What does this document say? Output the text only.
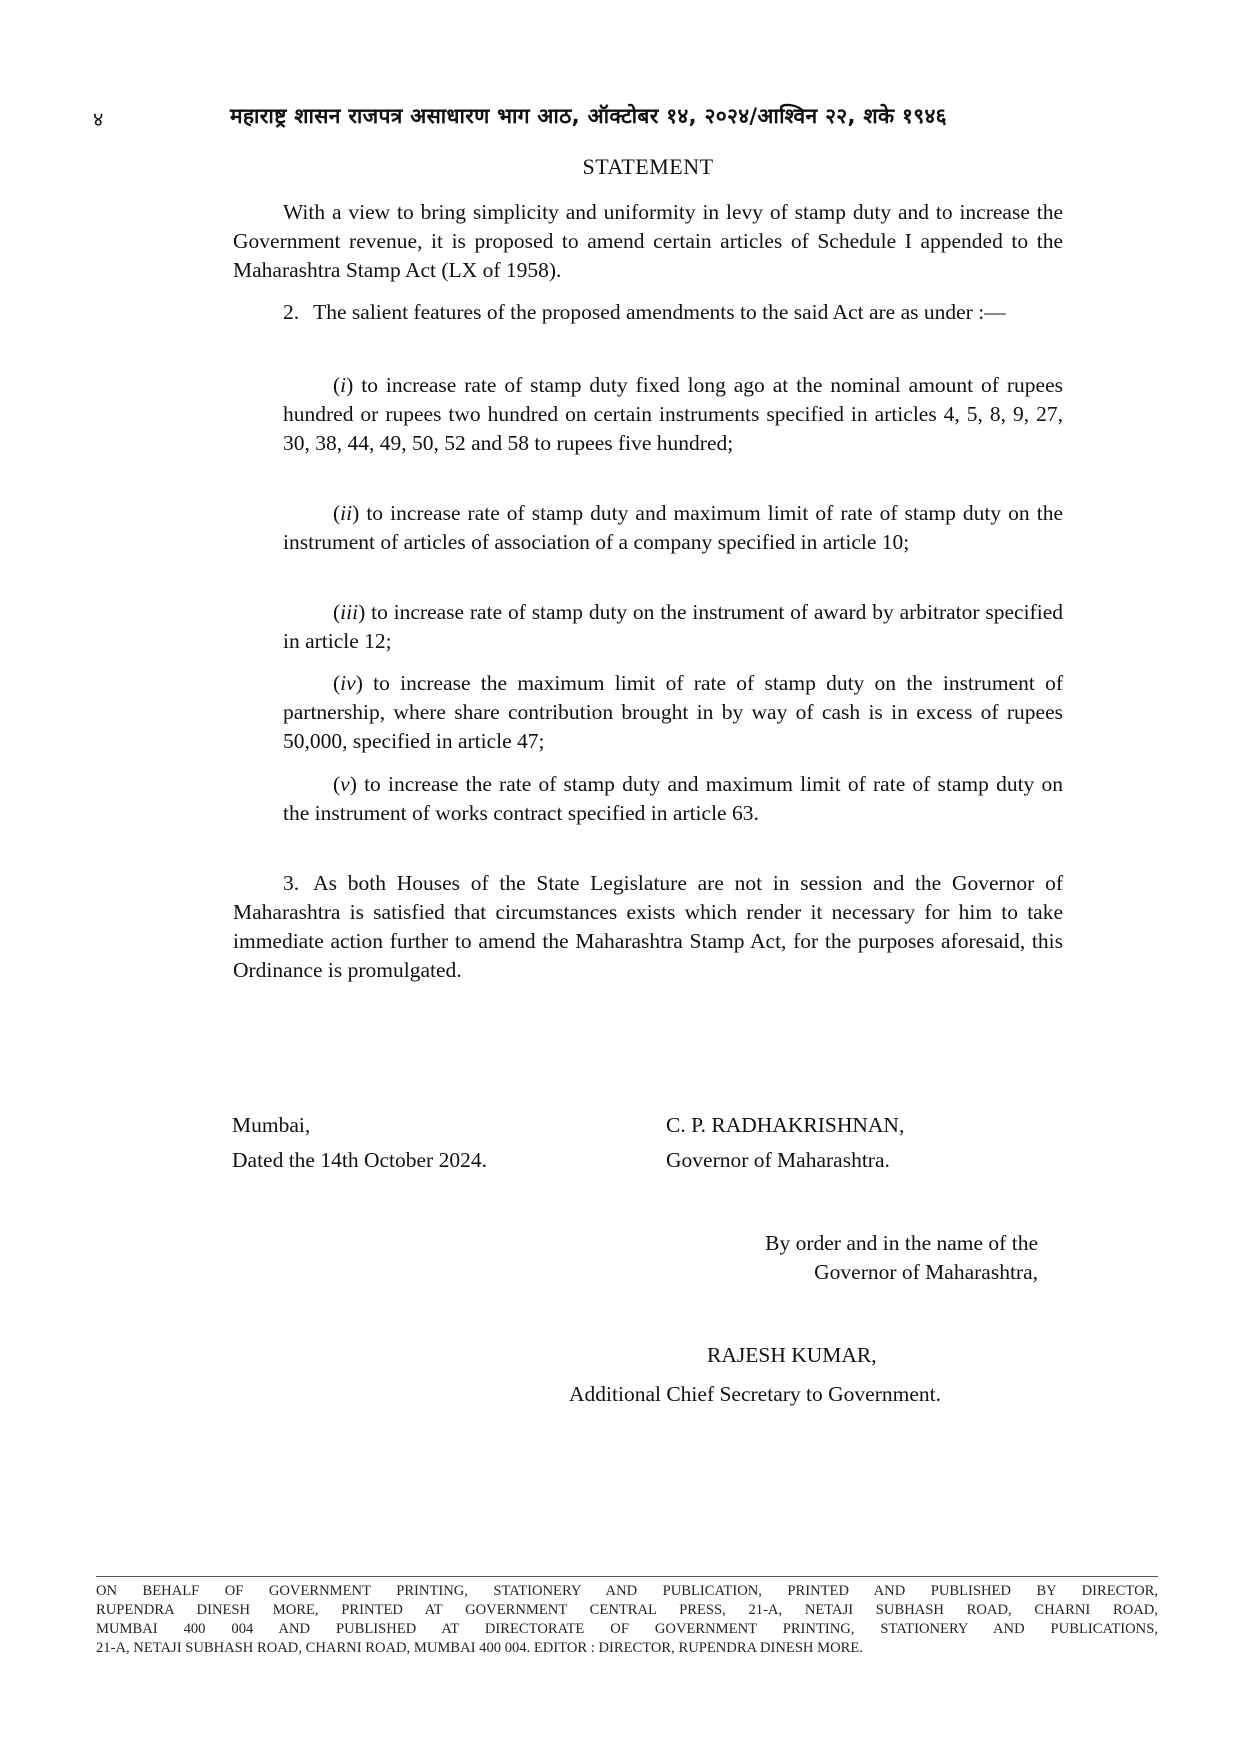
४	महाराष्ट्र शासन राजपत्र असाधारण भाग आठ, ऑक्टोबर १४, २०२४/आश्विन २२, शके १९४६
STATEMENT
With a view to bring simplicity and uniformity in levy of stamp duty and to increase the Government revenue, it is proposed to amend certain articles of Schedule I appended to the Maharashtra Stamp Act (LX of 1958).
2. The salient features of the proposed amendments to the said Act are as under :—
(i) to increase rate of stamp duty fixed long ago at the nominal amount of rupees hundred or rupees two hundred on certain instruments specified in articles 4, 5, 8, 9, 27, 30, 38, 44, 49, 50, 52 and 58 to rupees five hundred;
(ii) to increase rate of stamp duty and maximum limit of rate of stamp duty on the instrument of articles of association of a company specified in article 10;
(iii) to increase rate of stamp duty on the instrument of award by arbitrator specified in article 12;
(iv) to increase the maximum limit of rate of stamp duty on the instrument of partnership, where share contribution brought in by way of cash is in excess of rupees 50,000, specified in article 47;
(v) to increase the rate of stamp duty and maximum limit of rate of stamp duty on the instrument of works contract specified in article 63.
3. As both Houses of the State Legislature are not in session and the Governor of Maharashtra is satisfied that circumstances exists which render it necessary for him to take immediate action further to amend the Maharashtra Stamp Act, for the purposes aforesaid, this Ordinance is promulgated.
Mumbai,
Dated the 14th October 2024.
C. P. RADHAKRISHNAN,
Governor of Maharashtra.
By order and in the name of the
Governor of Maharashtra,
RAJESH KUMAR,
Additional Chief Secretary to Government.
ON BEHALF OF GOVERNMENT PRINTING, STATIONERY AND PUBLICATION, PRINTED AND PUBLISHED BY DIRECTOR,
RUPENDRA DINESH MORE, PRINTED AT GOVERNMENT CENTRAL PRESS, 21-A, NETAJI SUBHASH ROAD, CHARNI ROAD,
MUMBAI 400 004 AND PUBLISHED AT DIRECTORATE OF GOVERNMENT PRINTING, STATIONERY AND PUBLICATIONS,
21-A, NETAJI SUBHASH ROAD, CHARNI ROAD, MUMBAI 400 004. EDITOR : DIRECTOR, RUPENDRA DINESH MORE.
